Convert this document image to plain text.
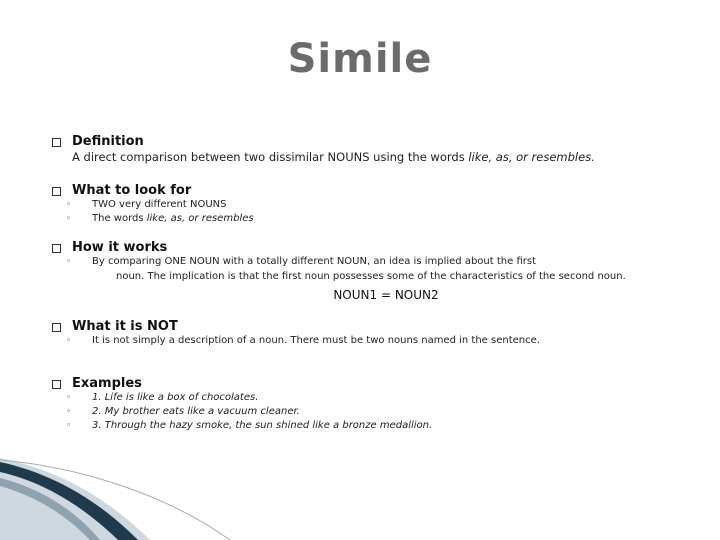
Simile
Definition
A direct comparison between two dissimilar NOUNS using the words like, as, or resembles.
What to look for
◦ TWO very different NOUNS
◦ The words like, as, or resembles
How it works
◦ By comparing ONE NOUN with a totally different NOUN, an idea is implied about the first
noun. The implication is that the first noun possesses some of the characteristics of the second noun.
NOUN1 = NOUN2
What it is NOT
◦ It is not simply a description of a noun. There must be two nouns named in the sentence.
Examples
◦ 1. Life is like a box of chocolates.
◦ 2. My brother eats like a vacuum cleaner.
◦ 3. Through the hazy smoke, the sun shined like a bronze medallion.
